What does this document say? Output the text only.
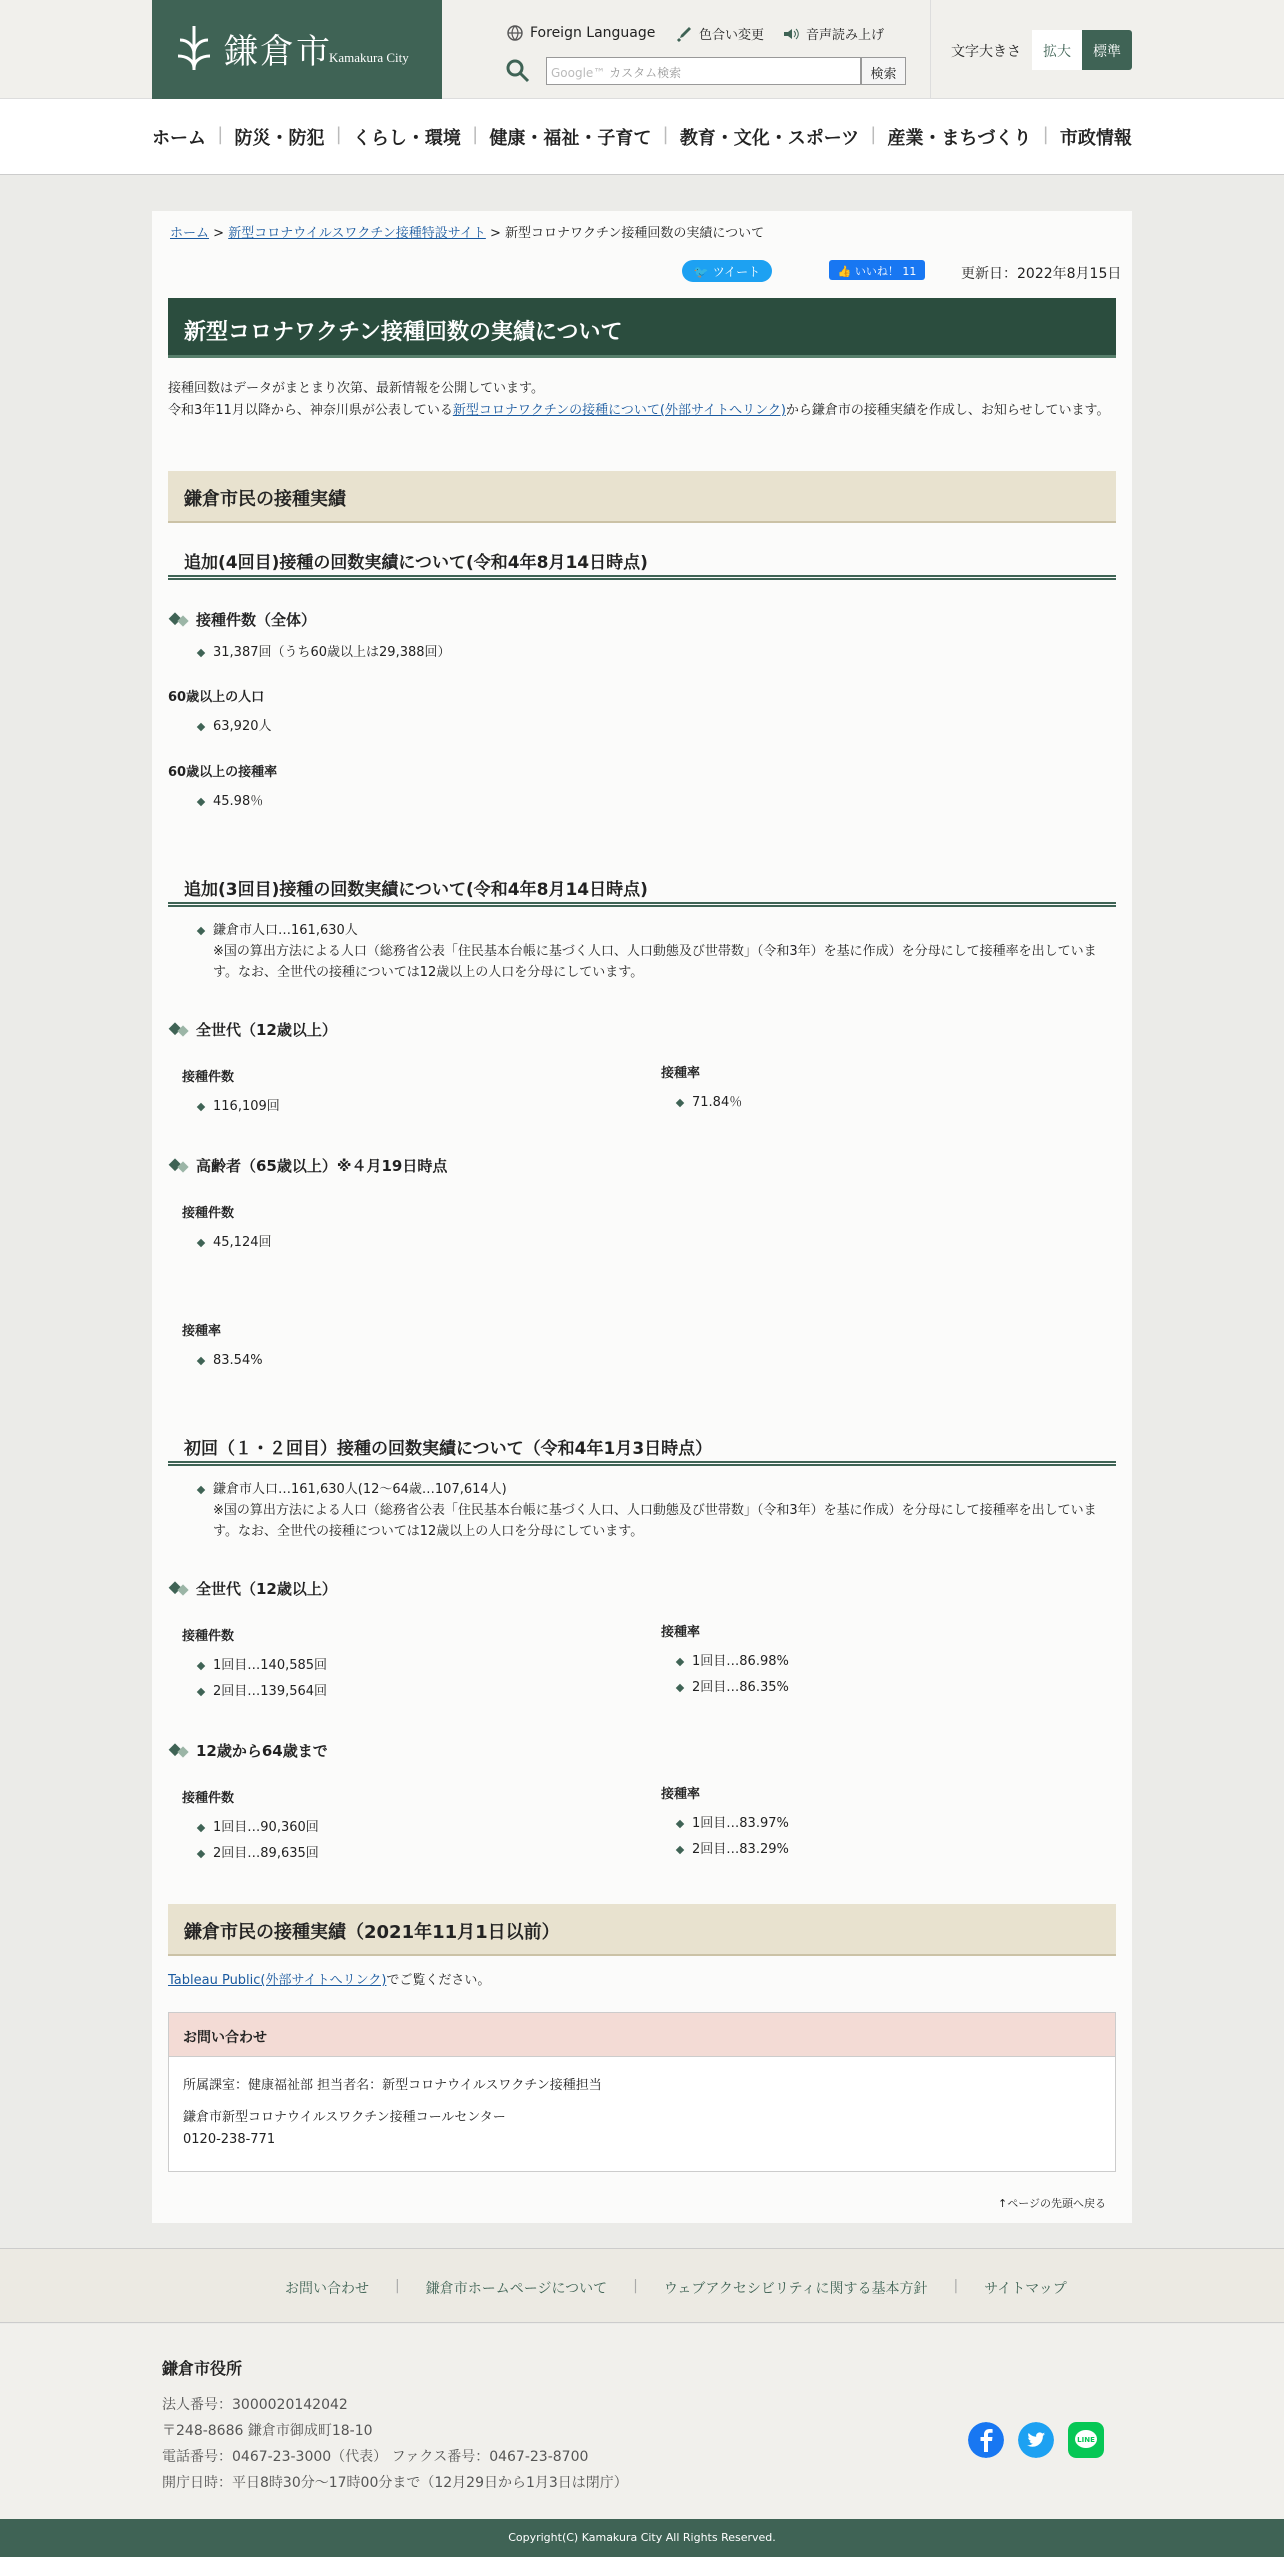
鎌倉市
Kamakura City
Foreign Language	色合い変更	音声読み上げ
Google™ カスタム検索	検索
文字大きさ	拡大	標準
ホーム | 防災・防犯 | くらし・環境 | 健康・福祉・子育て | 教育・文化・スポーツ | 産業・まちづくり | 市政情報
ホーム > 新型コロナウイルスワクチン接種特設サイト > 新型コロナワクチン接種回数の実績について
🐦 ツイート	👍 いいね！ 11	更新日：2022年8月15日
新型コロナワクチン接種回数の実績について
接種回数はデータがまとまり次第、最新情報を公開しています。
令和3年11月以降から、神奈川県が公表している新型コロナワクチンの接種について(外部サイトへリンク)から鎌倉市の接種実績を作成し、お知らせしています。
鎌倉市民の接種実績
追加(4回目)接種の回数実績について(令和4年8月14日時点)
接種件数（全体）
31,387回（うち60歳以上は29,388回）
60歳以上の人口
63,920人
60歳以上の接種率
45.98％
追加(3回目)接種の回数実績について(令和4年8月14日時点)
鎌倉市人口…161,630人
※国の算出方法による人口（総務省公表「住民基本台帳に基づく人口、人口動態及び世帯数」（令和3年）を基に作成）を分母にして接種率を出しています。なお、全世代の接種については12歳以上の人口を分母にしています。
全世代（12歳以上）
接種件数
116,109回
接種率
71.84％
高齢者（65歳以上）※４月19日時点
接種件数
45,124回
接種率
83.54%
初回（１・２回目）接種の回数実績について（令和4年1月3日時点）
鎌倉市人口…161,630人(12～64歳…107,614人)
※国の算出方法による人口（総務省公表「住民基本台帳に基づく人口、人口動態及び世帯数」（令和3年）を基に作成）を分母にして接種率を出しています。なお、全世代の接種については12歳以上の人口を分母にしています。
全世代（12歳以上）
接種件数
1回目…140,585回
2回目…139,564回
接種率
1回目…86.98%
2回目…86.35%
12歳から64歳まで
接種件数
1回目…90,360回
2回目…89,635回
接種率
1回目…83.97%
2回目…83.29%
鎌倉市民の接種実績（2021年11月1日以前）
Tableau Public(外部サイトへリンク)でご覧ください。
お問い合わせ
所属課室：健康福祉部 担当者名：新型コロナウイルスワクチン接種担当
鎌倉市新型コロナウイルスワクチン接種コールセンター
0120-238-771
↑ページの先頭へ戻る
お問い合わせ | 鎌倉市ホームページについて | ウェブアクセシビリティに関する基本方針 | サイトマップ
鎌倉市役所
法人番号：3000020142042
〒248-8686 鎌倉市御成町18-10
電話番号：0467-23-3000（代表） ファクス番号：0467-23-8700
開庁日時：平日8時30分～17時00分まで（12月29日から1月3日は閉庁）
LINE
Copyright(C) Kamakura City All Rights Reserved.
